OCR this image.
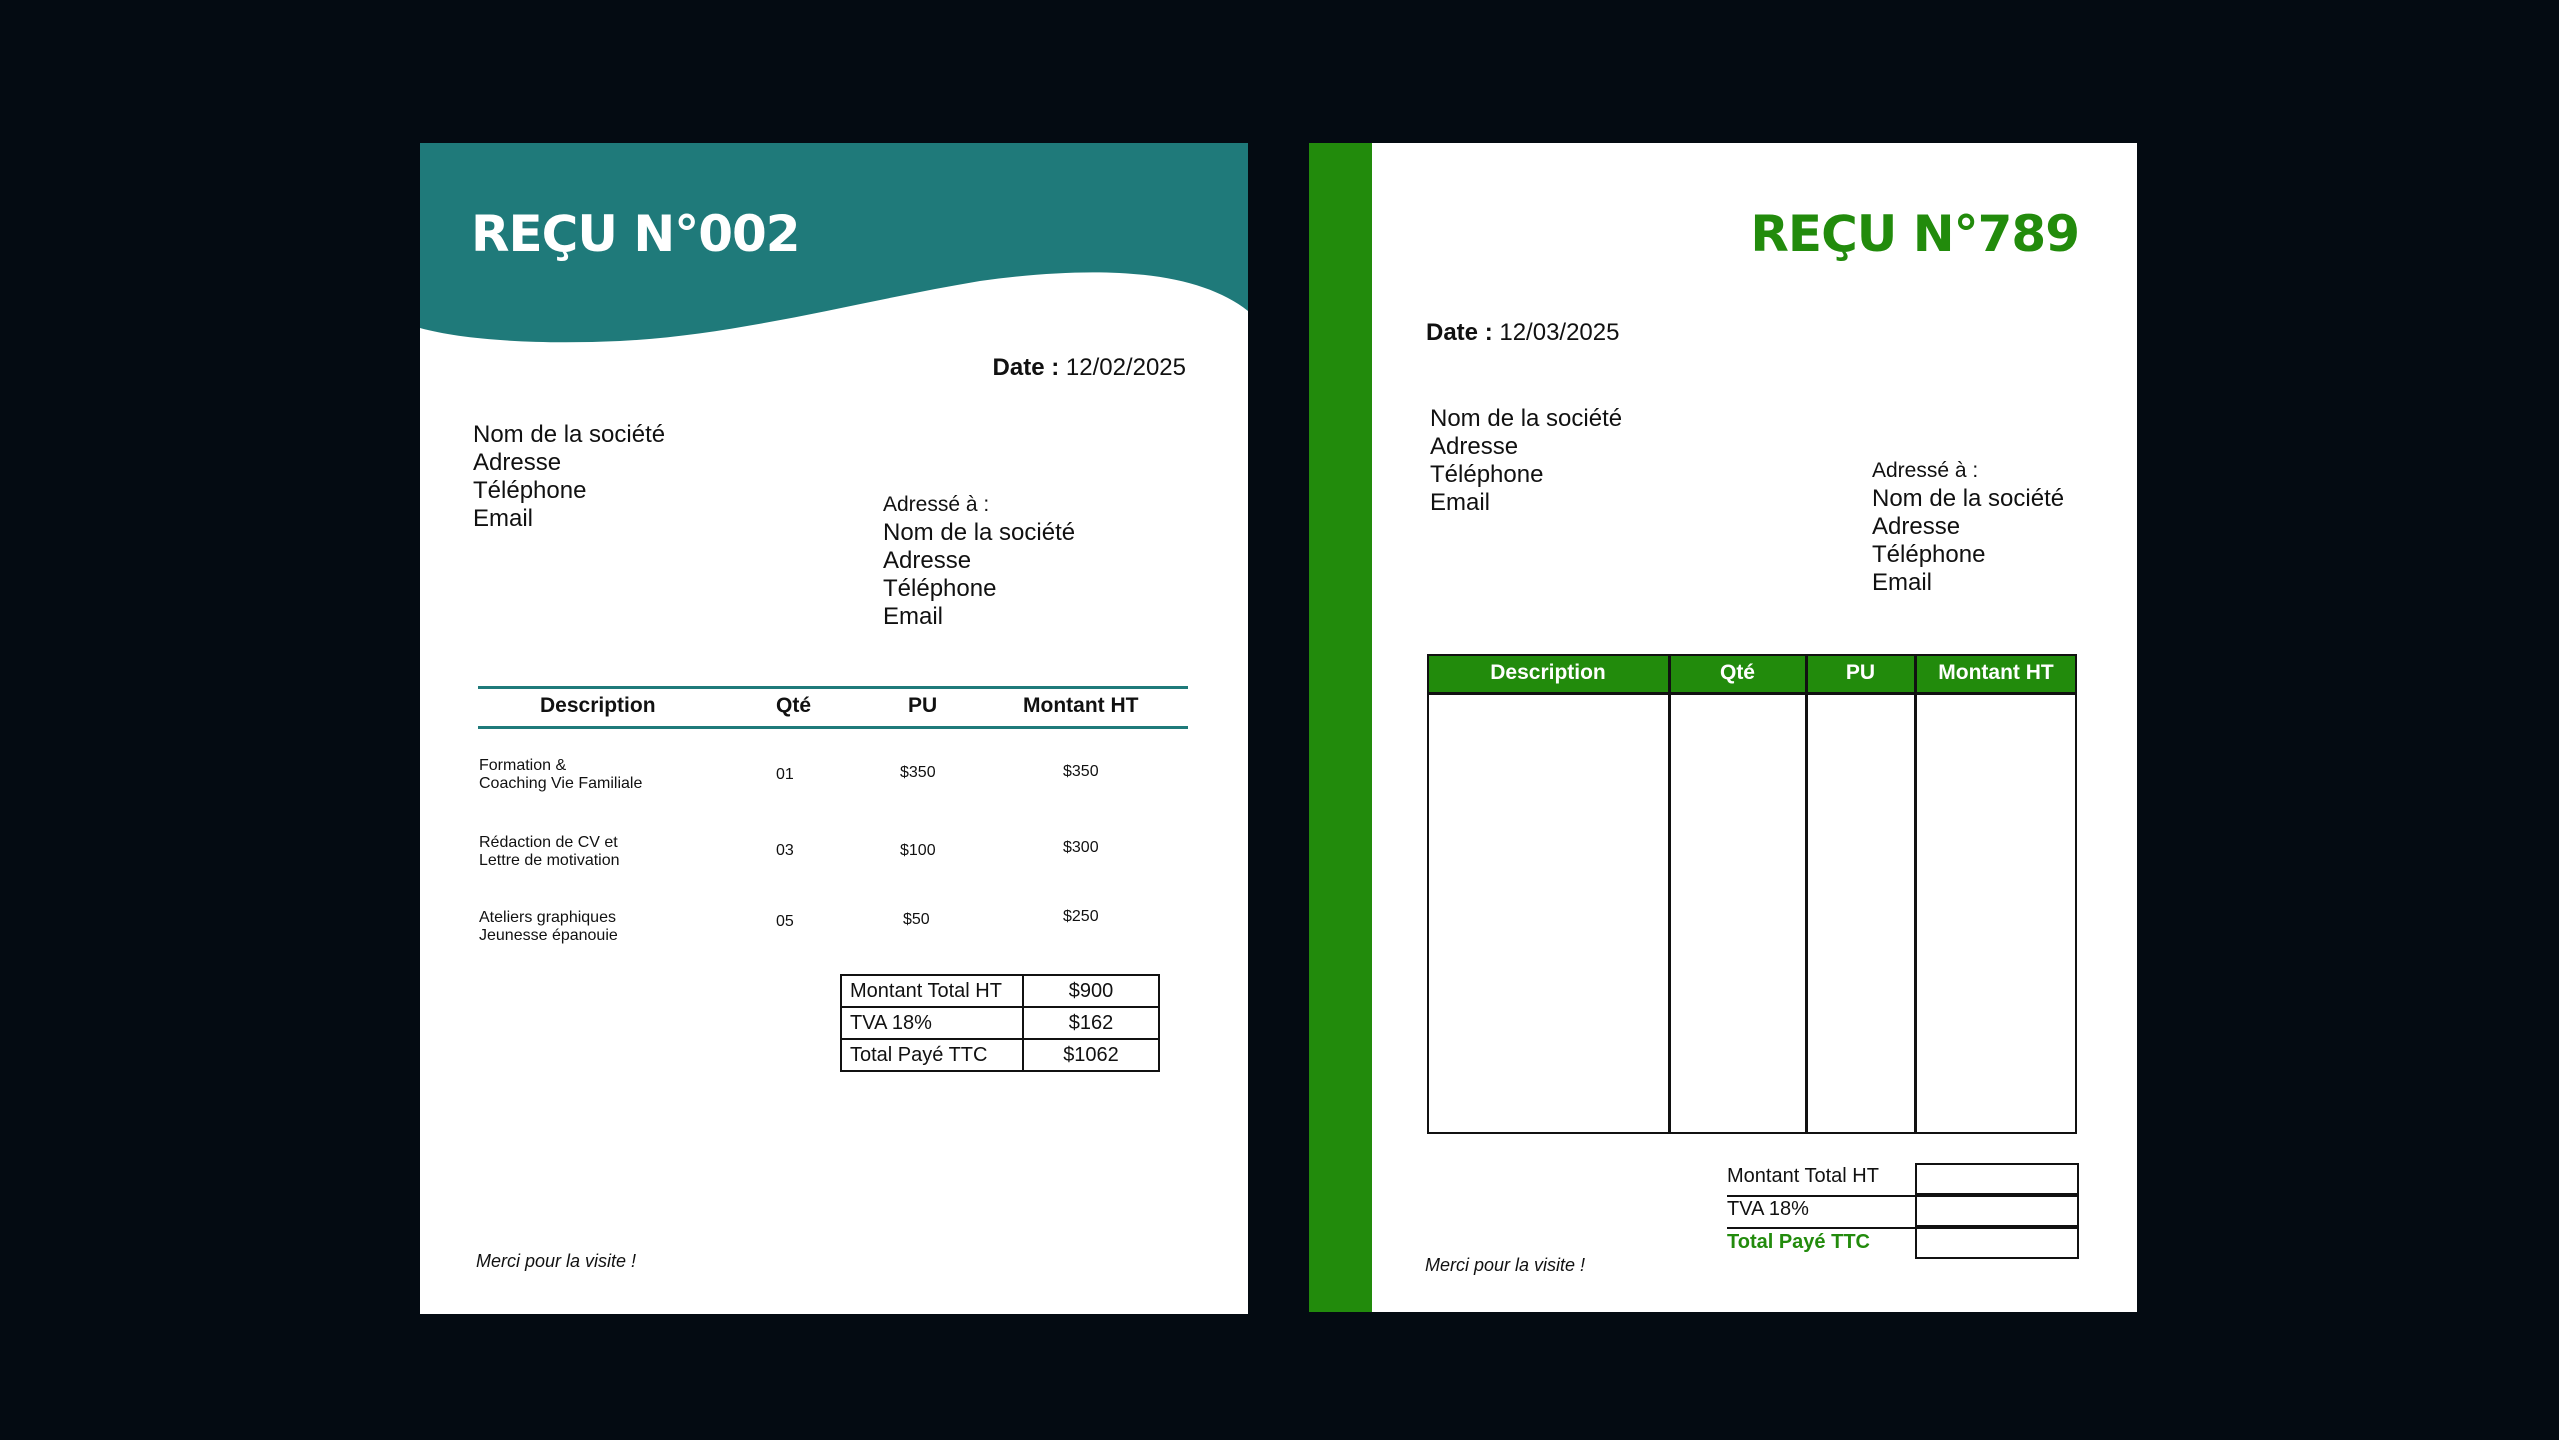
REÇU N°002
Date : 12/02/2025
Nom de la société
Adresse
Téléphone
Email
Adressé à :
Nom de la société
Adresse
Téléphone
Email
Description	Qté	PU	Montant HT
Formation &
Coaching Vie Familiale
01	$350	$350
Rédaction de CV et
Lettre de motivation
03	$100	$300
Ateliers graphiques
Jeunesse épanouie
05	$50	$250
Montant Total HT	$900
TVA 18%	$162
Total Payé TTC	$1062
Merci pour la visite !
REÇU N°789
Date : 12/03/2025
Nom de la société
Adresse
Téléphone
Email
Adressé à :
Nom de la société
Adresse
Téléphone
Email
Description	Qté	PU	Montant HT
Montant Total HT
TVA 18%
Total Payé TTC
Merci pour la visite !
